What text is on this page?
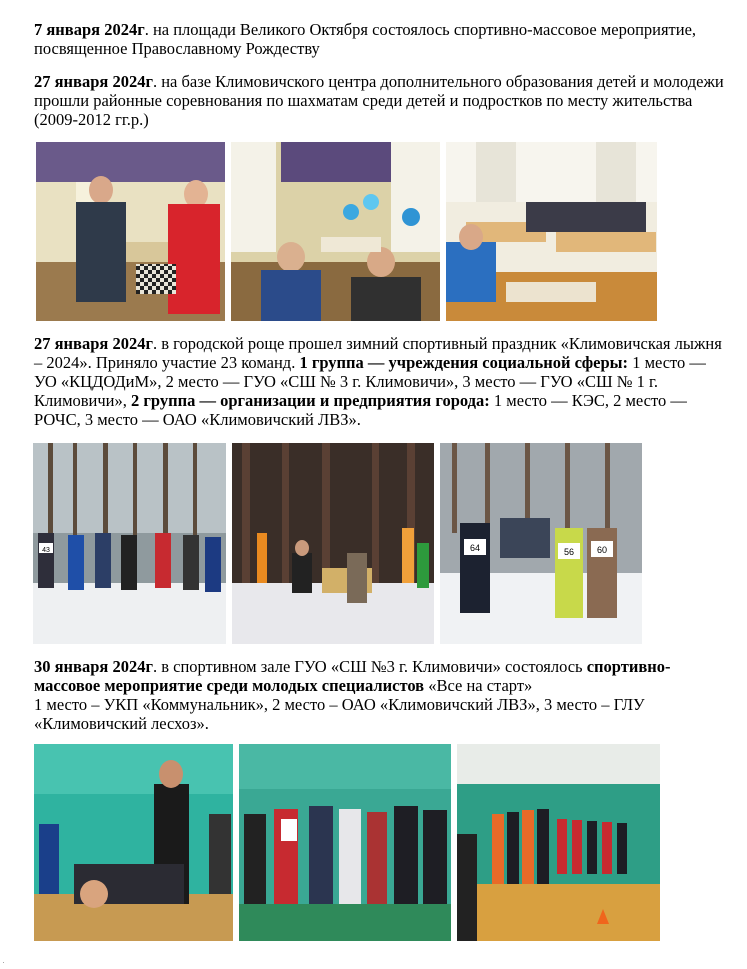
7 января 2024г. на площади Великого Октября состоялось спортивно-массовое мероприятие, посвященное Православному Рождеству

27 января 2024г. на базе Климовичского центра дополнительного образования детей и молодежи прошли районные соревнования по шахматам среди детей и подростков по месту жительства (2009-2012 гг.р.)

27 января 2024г. в городской роще прошел зимний спортивный праздник «Климовичская лыжня – 2024». Приняло участие 23 команд. 1 группа — учреждения социальной сферы: 1 место — УО «КЦДОДиМ», 2 место — ГУО «СШ № 3 г. Климовичи», 3 место — ГУО «СШ № 1 г. Климовичи», 2 группа — организации и предприятия города: 1 место — КЭС, 2 место — РОЧС, 3 место — ОАО «Климовичский ЛВЗ».

43	64	56	60

30 января 2024г. в спортивном зале ГУО «СШ №3 г. Климовичи» состоялось спортивно-массовое мероприятие среди молодых специалистов «Все на старт»
1 место – УКП «Коммунальник», 2 место – ОАО «Климовичский ЛВЗ», 3 место – ГЛУ «Климовичский лесхоз».

·
